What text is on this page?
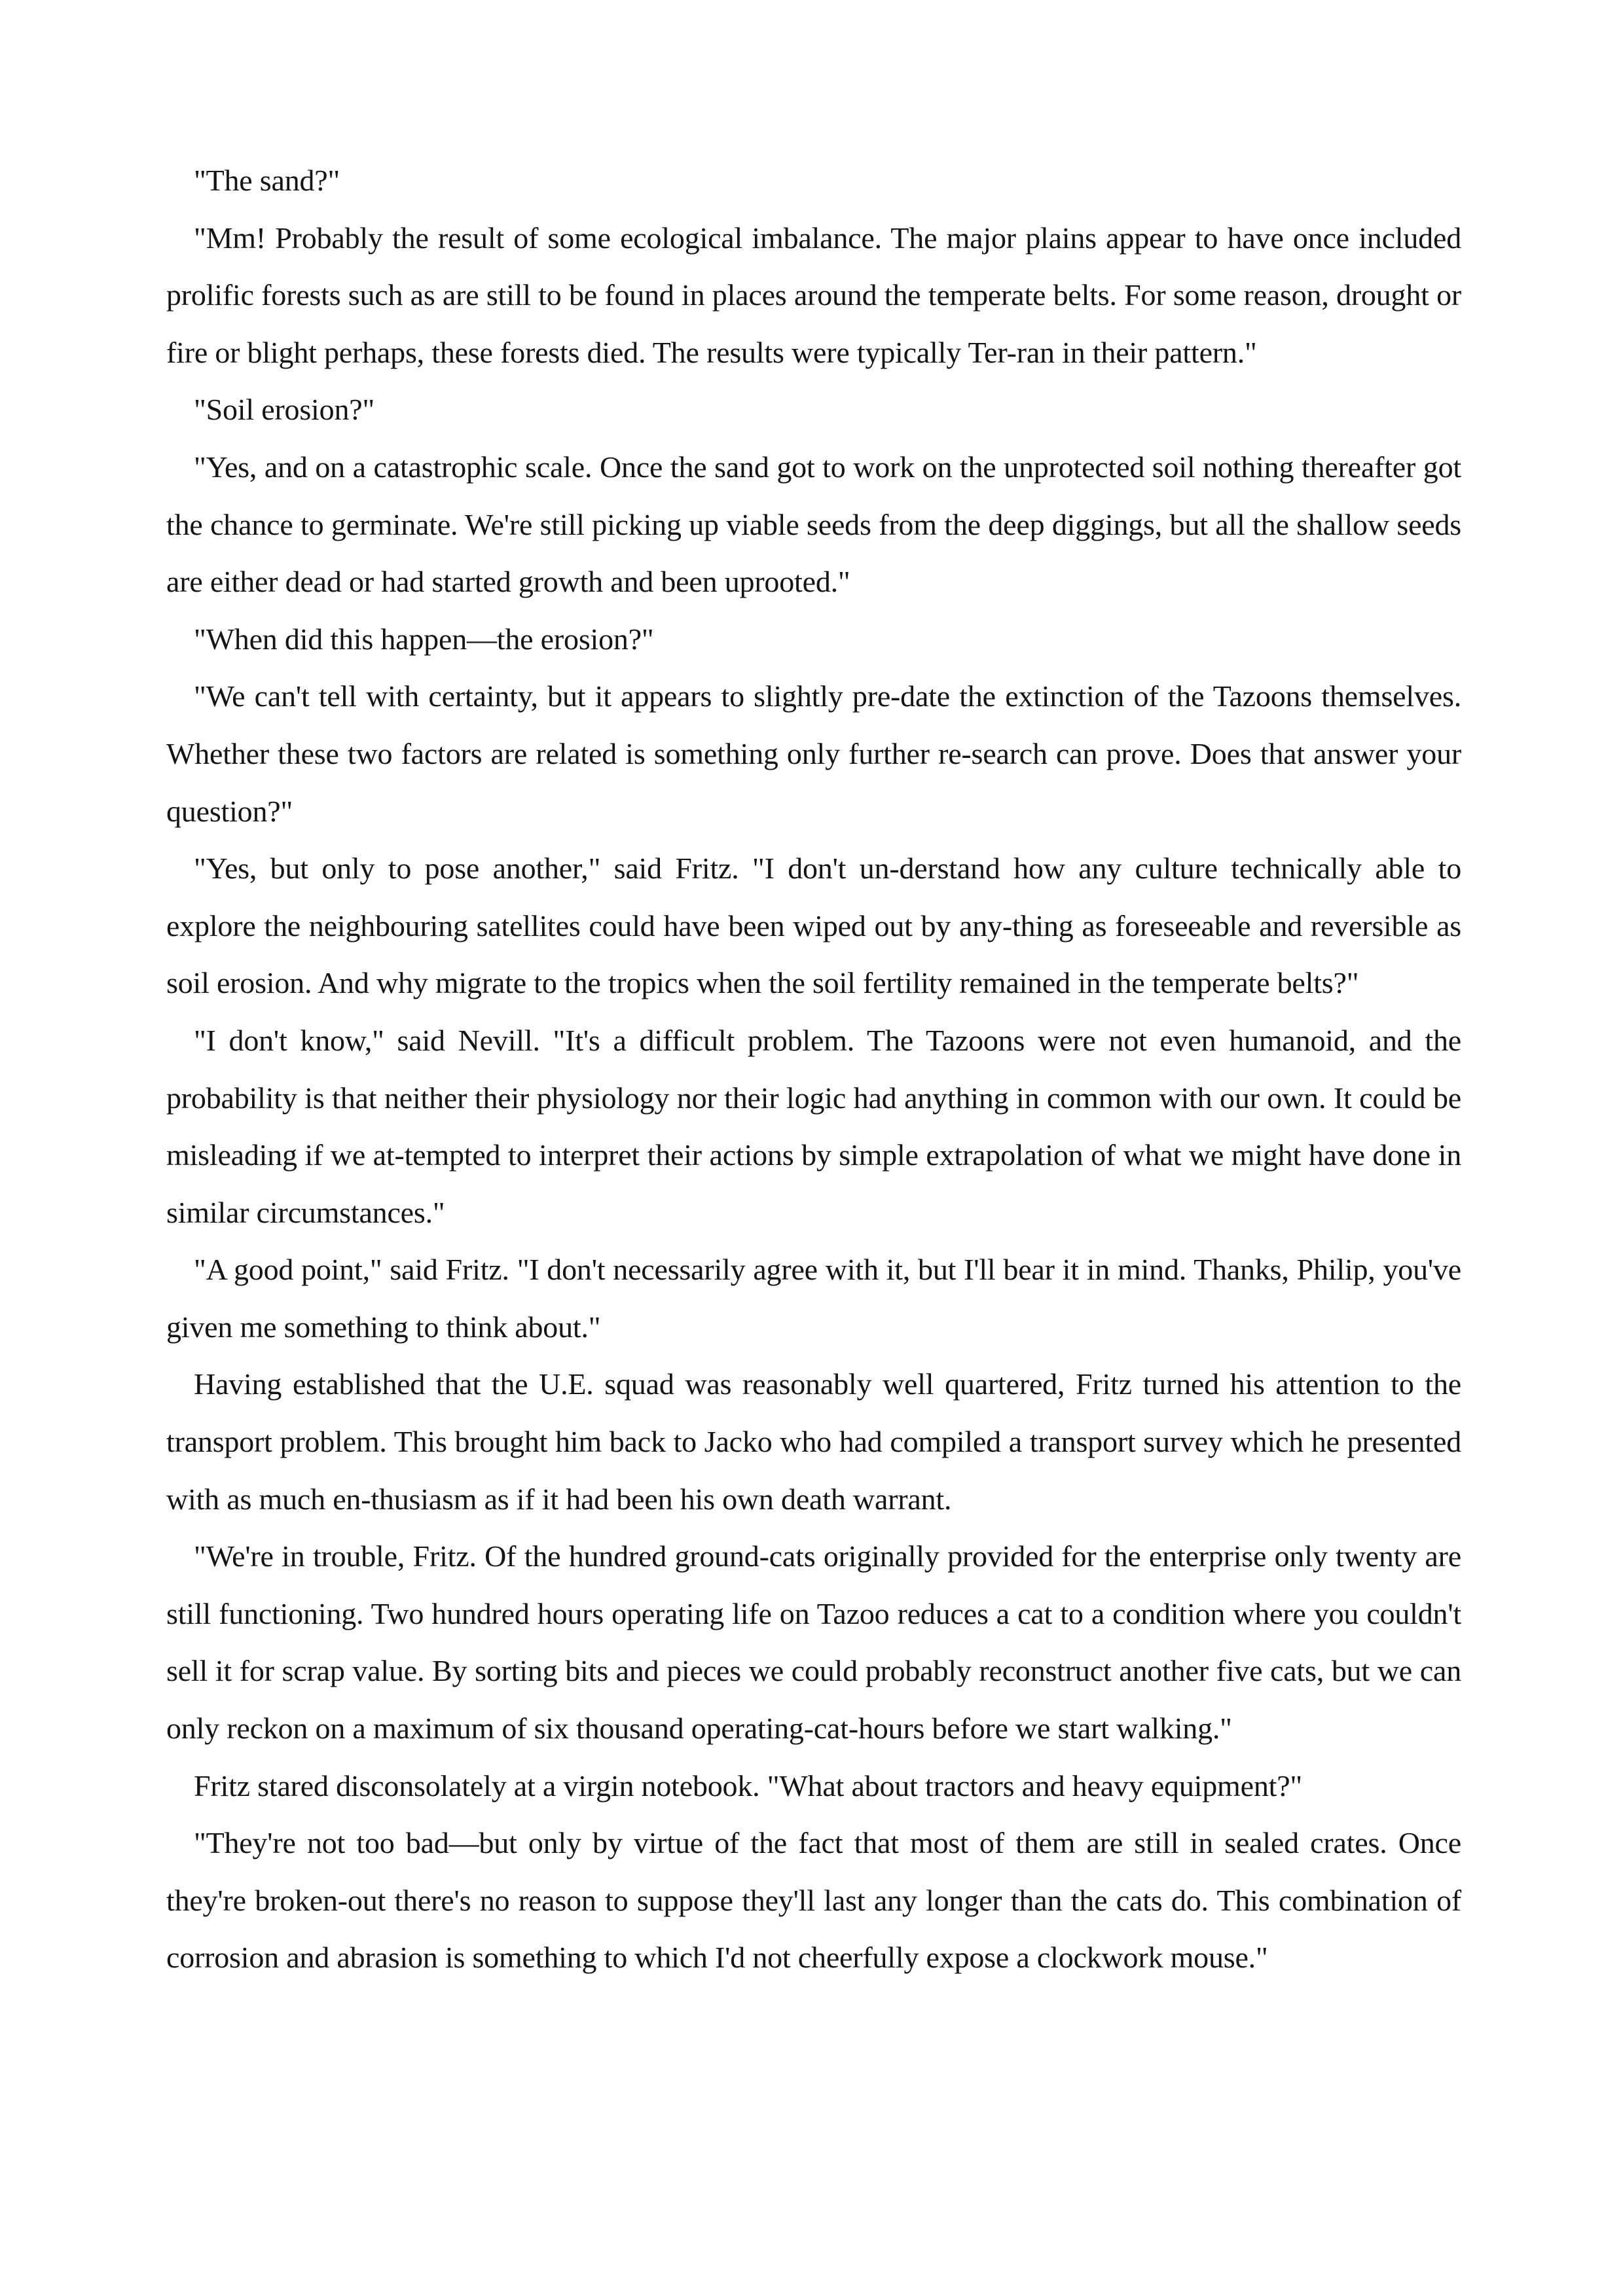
"The sand?"

"Mm! Probably the result of some ecological imbalance. The major plains appear to have once included prolific forests such as are still to be found in places around the temperate belts. For some reason, drought or fire or blight perhaps, these forests died. The results were typically Ter-ran in their pattern."

"Soil erosion?"

"Yes, and on a catastrophic scale. Once the sand got to work on the unprotected soil nothing thereafter got the chance to germinate. We're still picking up viable seeds from the deep diggings, but all the shallow seeds are either dead or had started growth and been uprooted."

"When did this happen—the erosion?"

"We can't tell with certainty, but it appears to slightly pre-date the extinction of the Tazoons themselves. Whether these two factors are related is something only further re-search can prove. Does that answer your question?"

"Yes, but only to pose another," said Fritz. "I don't un-derstand how any culture technically able to explore the neighbouring satellites could have been wiped out by any-thing as foreseeable and reversible as soil erosion. And why migrate to the tropics when the soil fertility remained in the temperate belts?"

"I don't know," said Nevill. "It's a difficult problem. The Tazoons were not even humanoid, and the probability is that neither their physiology nor their logic had anything in common with our own. It could be misleading if we at-tempted to interpret their actions by simple extrapolation of what we might have done in similar circumstances."

"A good point," said Fritz. "I don't necessarily agree with it, but I'll bear it in mind. Thanks, Philip, you've given me something to think about."

Having established that the U.E. squad was reasonably well quartered, Fritz turned his attention to the transport problem. This brought him back to Jacko who had compiled a transport survey which he presented with as much en-thusiasm as if it had been his own death warrant.

"We're in trouble, Fritz. Of the hundred ground-cats originally provided for the enterprise only twenty are still functioning. Two hundred hours operating life on Tazoo reduces a cat to a condition where you couldn't sell it for scrap value. By sorting bits and pieces we could probably reconstruct another five cats, but we can only reckon on a maximum of six thousand operating-cat-hours before we start walking."

Fritz stared disconsolately at a virgin notebook. "What about tractors and heavy equipment?"

"They're not too bad—but only by virtue of the fact that most of them are still in sealed crates. Once they're broken-out there's no reason to suppose they'll last any longer than the cats do. This combination of corrosion and abrasion is something to which I'd not cheerfully expose a clockwork mouse."
